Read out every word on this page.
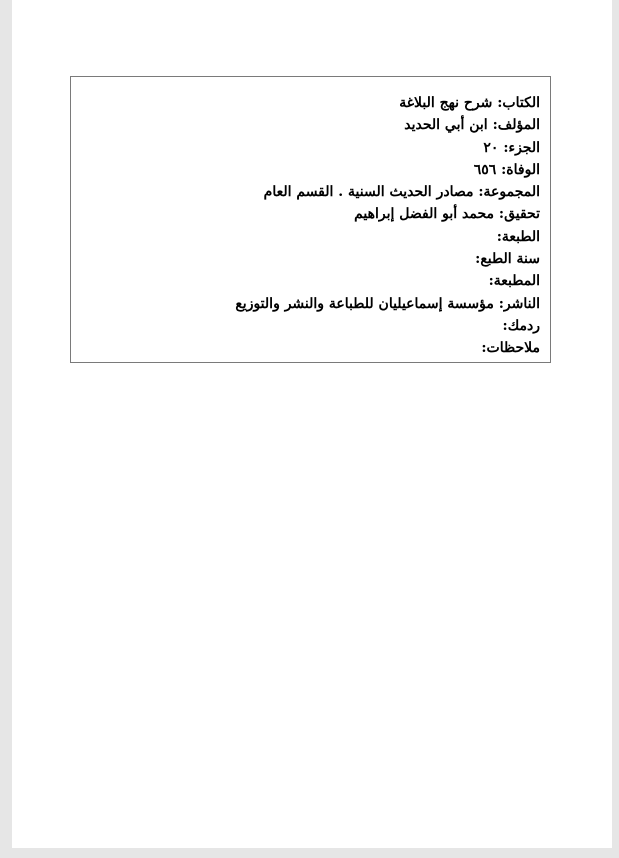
الكتاب: شرح نهج البلاغة
المؤلف: ابن أبي الحديد
الجزء: ٢٠
الوفاة: ٦٥٦
المجموعة: مصادر الحديث السنية . القسم العام
تحقيق: محمد أبو الفضل إبراهيم
الطبعة:
سنة الطبع:
المطبعة:
الناشر: مؤسسة إسماعيليان للطباعة والنشر والتوزيع
ردمك:
ملاحظات:
